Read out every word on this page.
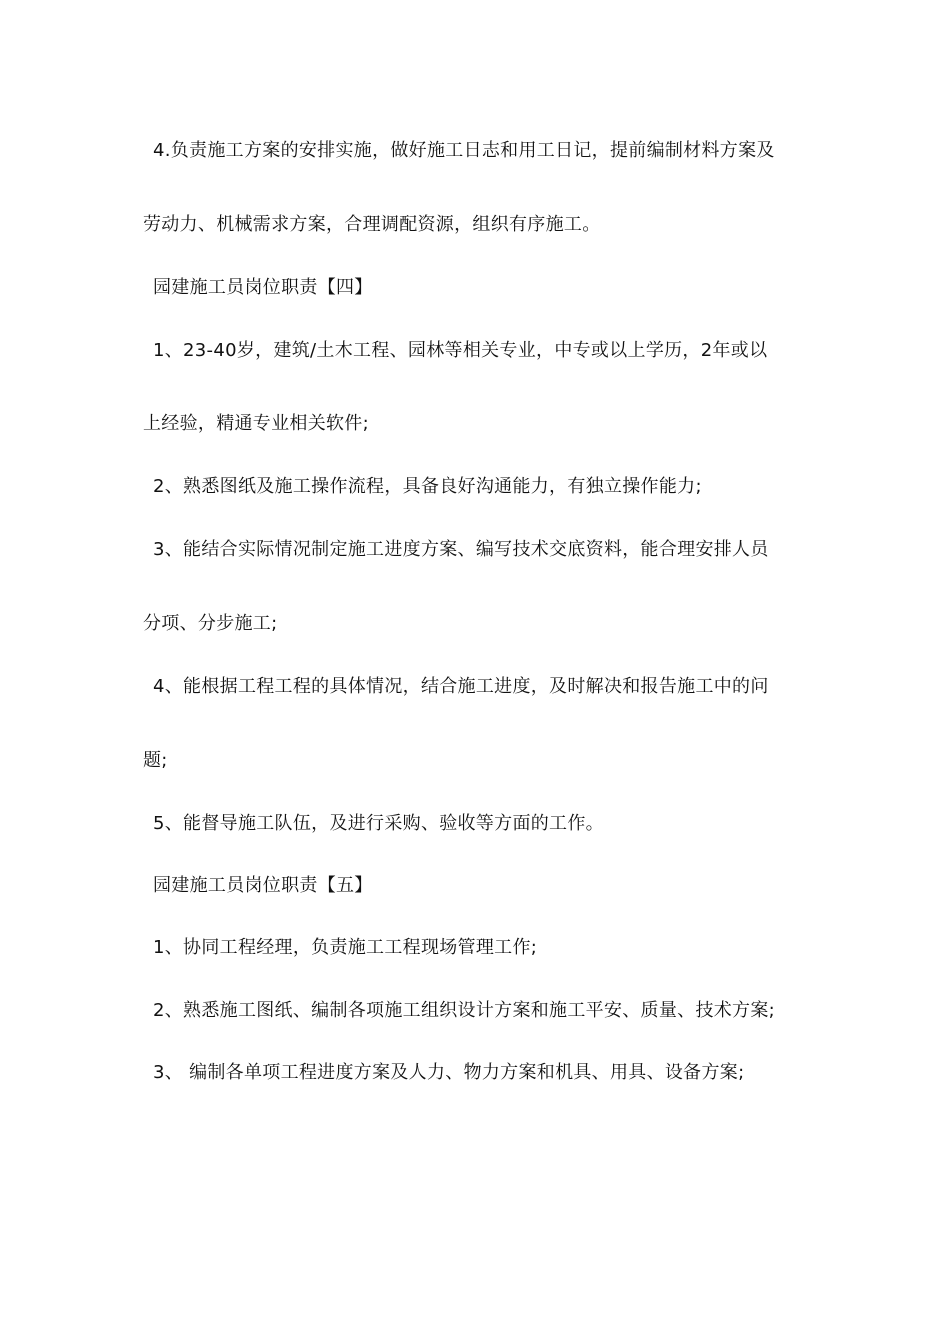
4.负责施工方案的安排实施，做好施工日志和用工日记，提前编制材料方案及
劳动力、机械需求方案，合理调配资源，组织有序施工。
园建施工员岗位职责【四】
1、23-40岁，建筑/土木工程、园林等相关专业，中专或以上学历，2年或以
上经验，精通专业相关软件;
2、熟悉图纸及施工操作流程，具备良好沟通能力，有独立操作能力;
3、能结合实际情况制定施工进度方案、编写技术交底资料，能合理安排人员
分项、分步施工;
4、能根据工程工程的具体情况，结合施工进度，及时解决和报告施工中的问
题;
5、能督导施工队伍，及进行采购、验收等方面的工作。
园建施工员岗位职责【五】
1、协同工程经理，负责施工工程现场管理工作;
2、熟悉施工图纸、编制各项施工组织设计方案和施工平安、质量、技术方案;
3、 编制各单项工程进度方案及人力、物力方案和机具、用具、设备方案;
